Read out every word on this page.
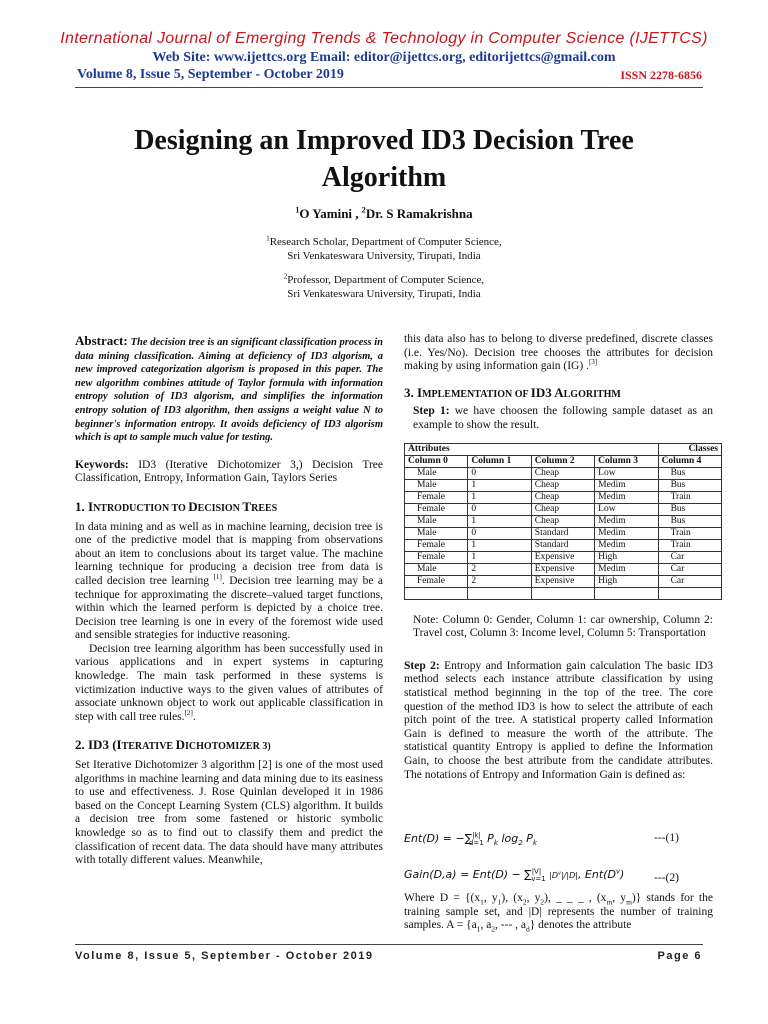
International Journal of Emerging Trends & Technology in Computer Science (IJETTCS)
Web Site: www.ijettcs.org Email: editor@ijettcs.org, editorijettcs@gmail.com
Volume 8, Issue 5, September - October 2019	ISSN 2278-6856
Designing an Improved ID3 Decision Tree
Algorithm
$^1$O Yamini , $^2$Dr. S Ramakrishna
$^1$Research Scholar, Department of Computer Science,
Sri Venkateswara University, Tirupati, India
$^2$Professor, Department of Computer Science,
Sri Venkateswara University, Tirupati, India

Abstract: The decision tree is an significant classification process in data mining classification. Aiming at deficiency of ID3 algorism, a new improved categorization algorism is proposed in this paper. The new algorithm combines attitude of Taylor formula with information entropy solution of ID3 algorism, and simplifies the information entropy solution of ID3 algorithm, then assigns a weight value N to beginner's information entropy. It avoids deficiency of ID3 algorism which is apt to sample much value for testing.

Keywords: ID3 (Iterative Dichotomizer 3,) Decision Tree Classification, Entropy, Information Gain, Taylors Series

1. INTRODUCTION TO DECISION TREES

In data mining and as well as in machine learning, decision tree is one of the predictive model that is mapping from observations about an item to conclusions about its target value. The machine learning technique for producing a decision tree from data is called decision tree learning [1]. Decision tree learning may be a technique for approximating the discrete–valued target functions, within which the learned perform is depicted by a choice tree. Decision tree learning is one in every of the foremost wide used and sensible strategies for inductive reasoning.

Decision tree learning algorithm has been successfully used in various applications and in expert systems in capturing knowledge. The main task performed in these systems is victimization inductive ways to the given values of attributes of associate unknown object to work out applicable classification in step with call tree rules.[2].

2. ID3 (ITERATIVE DICHOTOMIZER 3)

Set Iterative Dichotomizer 3 algorithm [2] is one of the most used algorithms in machine learning and data mining due to its easiness to use and effectiveness. J. Rose Quinlan developed it in 1986 based on the Concept Learning System (CLS) algorithm. It builds a decision tree from some fastened or historic symbolic knowledge so as to find out to classify them and predict the classification of recent data. The data should have many attributes with totally different values. Meanwhile,

this data also has to belong to diverse predefined, discrete classes (i.e. Yes/No). Decision tree chooses the attributes for decision making by using information gain (IG) .[3]

3. IMPLEMENTATION OF ID3 ALGORITHM

Step 1: we have choosen the following sample dataset as an example to show the result.

Attributes				Classes
Column 0	Column 1	Column 2	Column 3	Column 4
Male	0	Cheap	Low	Bus
Male	1	Cheap	Medim	Bus
Female	1	Cheap	Medim	Train
Female	0	Cheap	Low	Bus
Male	1	Cheap	Medim	Bus
Male	0	Standard	Medim	Train
Female	1	Standard	Medim	Train
Female	1	Expensive	High	Car
Male	2	Expensive	Medim	Car
Female	2	Expensive	High	Car

Note: Column 0: Gender, Column 1: car ownership, Column 2: Travel cost, Column 3: Income level, Column 5: Transportation

Step 2: Entropy and Information gain calculation The basic ID3 method selects each instance attribute classification by using statistical method beginning in the top of the tree. The core question of the method ID3 is how to select the attribute of each pitch point of the tree. A statistical property called Information Gain is defined to measure the worth of the attribute. The statistical quantity Entropy is applied to define the Information Gain, to choose the best attribute from the candidate attributes. The notations of Entropy and Information Gain is defined as:

Ent(D) = −∑$^{|k|}_{d=1}$ $P_k$ $\log_2 P_k$	---(1)
Gain(D,a) = Ent(D) − ∑$^{|V|}_{v=1}$ $|D^v|/|D|$, $Ent(D^v)$	---(2)

Where $D = \{(x_1$, $y_1$), ($x_2$, $y_2$), _ _ _ , ($x_m$, $y_m$)} stands for the training sample set, and |D| represents the number of training samples. $A = \{a_1$, $a_2$, --- , $a_d$} denotes the attribute

Volume 8, Issue 5, September - October 2019	Page 6
